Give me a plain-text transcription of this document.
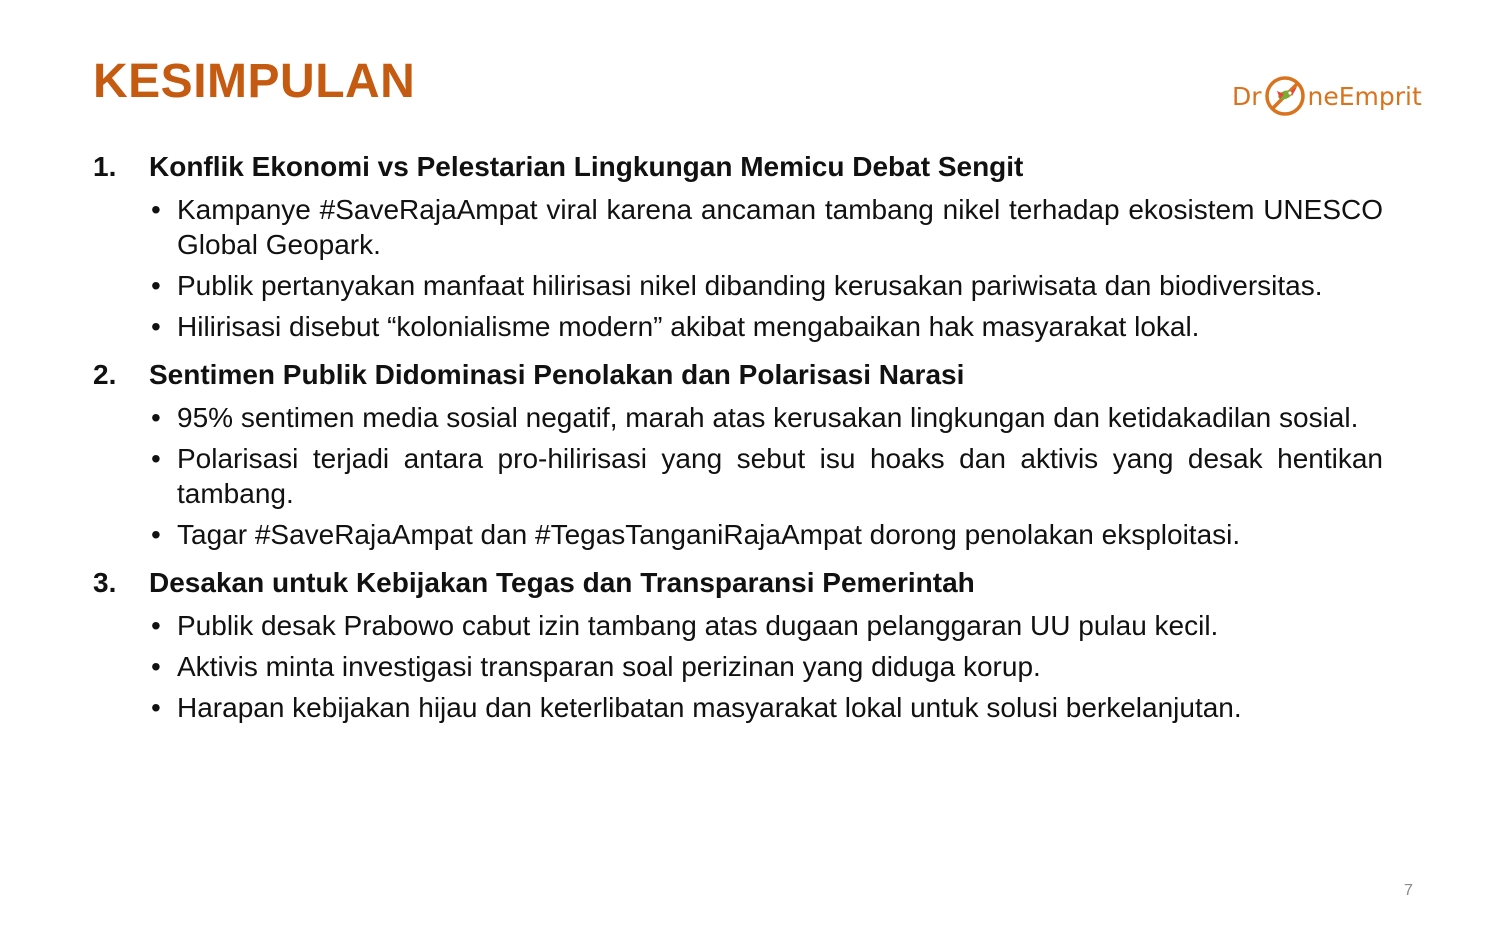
KESIMPULAN	Dr neEmprit
1.	Konflik Ekonomi vs Pelestarian Lingkungan Memicu Debat Sengit
• Kampanye #SaveRajaAmpat viral karena ancaman tambang nikel terhadap ekosistem UNESCO Global Geopark.
• Publik pertanyakan manfaat hilirisasi nikel dibanding kerusakan pariwisata dan biodiversitas.
• Hilirisasi disebut “kolonialisme modern” akibat mengabaikan hak masyarakat lokal.
2.	Sentimen Publik Didominasi Penolakan dan Polarisasi Narasi
• 95% sentimen media sosial negatif, marah atas kerusakan lingkungan dan ketidakadilan sosial.
• Polarisasi terjadi antara pro-hilirisasi yang sebut isu hoaks dan aktivis yang desak hentikan tambang.
• Tagar #SaveRajaAmpat dan #TegasTanganiRajaAmpat dorong penolakan eksploitasi.
3.	Desakan untuk Kebijakan Tegas dan Transparansi Pemerintah
• Publik desak Prabowo cabut izin tambang atas dugaan pelanggaran UU pulau kecil.
• Aktivis minta investigasi transparan soal perizinan yang diduga korup.
• Harapan kebijakan hijau dan keterlibatan masyarakat lokal untuk solusi berkelanjutan.
7
